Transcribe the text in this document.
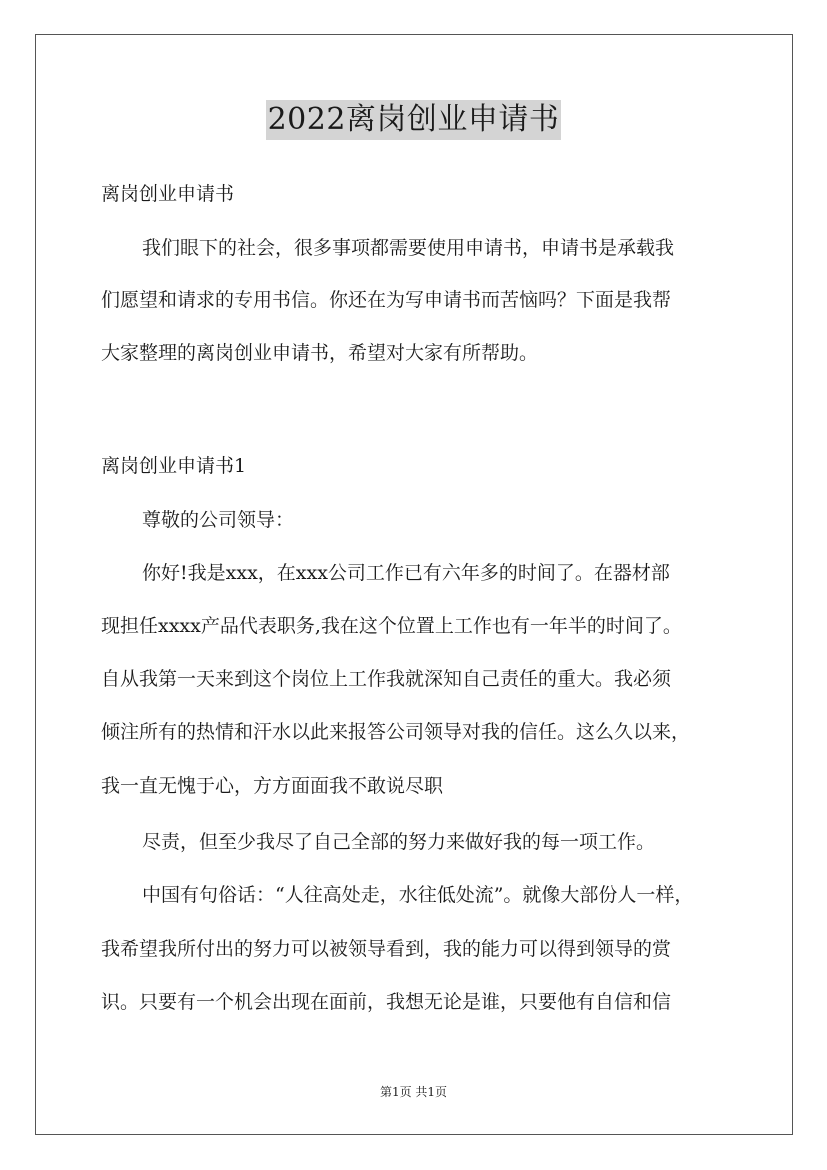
2022离岗创业申请书
离岗创业申请书
我们眼下的社会，很多事项都需要使用申请书，申请书是承载我
们愿望和请求的专用书信。你还在为写申请书而苦恼吗？下面是我帮
大家整理的离岗创业申请书，希望对大家有所帮助。
离岗创业申请书1
尊敬的公司领导：
你好!我是xxx，在xxx公司工作已有六年多的时间了。在器材部
现担任xxxx产品代表职务,我在这个位置上工作也有一年半的时间了。
自从我第一天来到这个岗位上工作我就深知自己责任的重大。我必须
倾注所有的热情和汗水以此来报答公司领导对我的信任。这么久以来，
我一直无愧于心，方方面面我不敢说尽职
尽责，但至少我尽了自己全部的努力来做好我的每一项工作。
中国有句俗话：“人往高处走，水往低处流”。就像大部份人一样，
我希望我所付出的努力可以被领导看到，我的能力可以得到领导的赏
识。只要有一个机会出现在面前，我想无论是谁，只要他有自信和信
第1页 共1页
